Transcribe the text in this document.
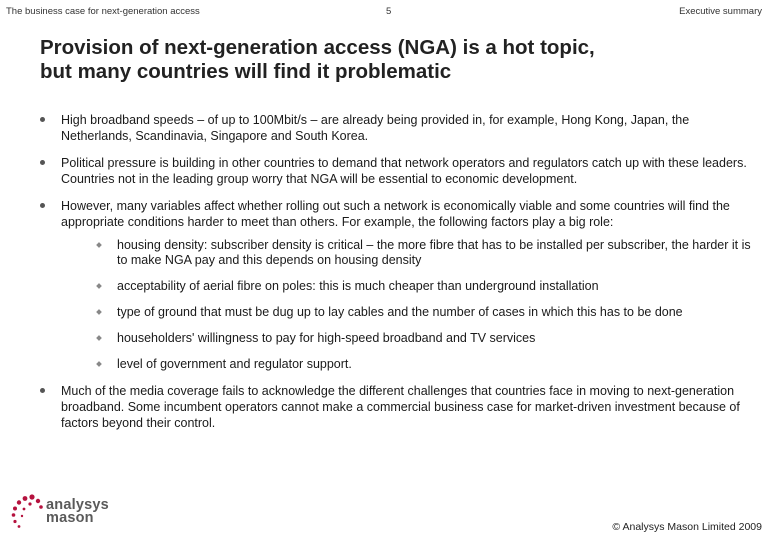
The business case for next-generation access	5	Executive summary
Provision of next-generation access (NGA) is a hot topic,
but many countries will find it problematic
High broadband speeds – of up to 100Mbit/s – are already being provided in, for example, Hong Kong, Japan, the Netherlands, Scandinavia, Singapore and South Korea.
Political pressure is building in other countries to demand that network operators and regulators catch up with these leaders. Countries not in the leading group worry that NGA will be essential to economic development.
However, many variables affect whether rolling out such a network is economically viable and some countries will find the appropriate conditions harder to meet than others. For example, the following factors play a big role:
housing density: subscriber density is critical – the more fibre that has to be installed per subscriber, the harder it is to make NGA pay and this depends on housing density
acceptability of aerial fibre on poles: this is much cheaper than underground installation
type of ground that must be dug up to lay cables and the number of cases in which this has to be done
householders' willingness to pay for high-speed broadband and TV services
level of government and regulator support.
Much of the media coverage fails to acknowledge the different challenges that countries face in moving to next-generation broadband. Some incumbent operators cannot make a commercial business case for market-driven investment because of factors beyond their control.
analysys
mason
© Analysys Mason Limited 2009
